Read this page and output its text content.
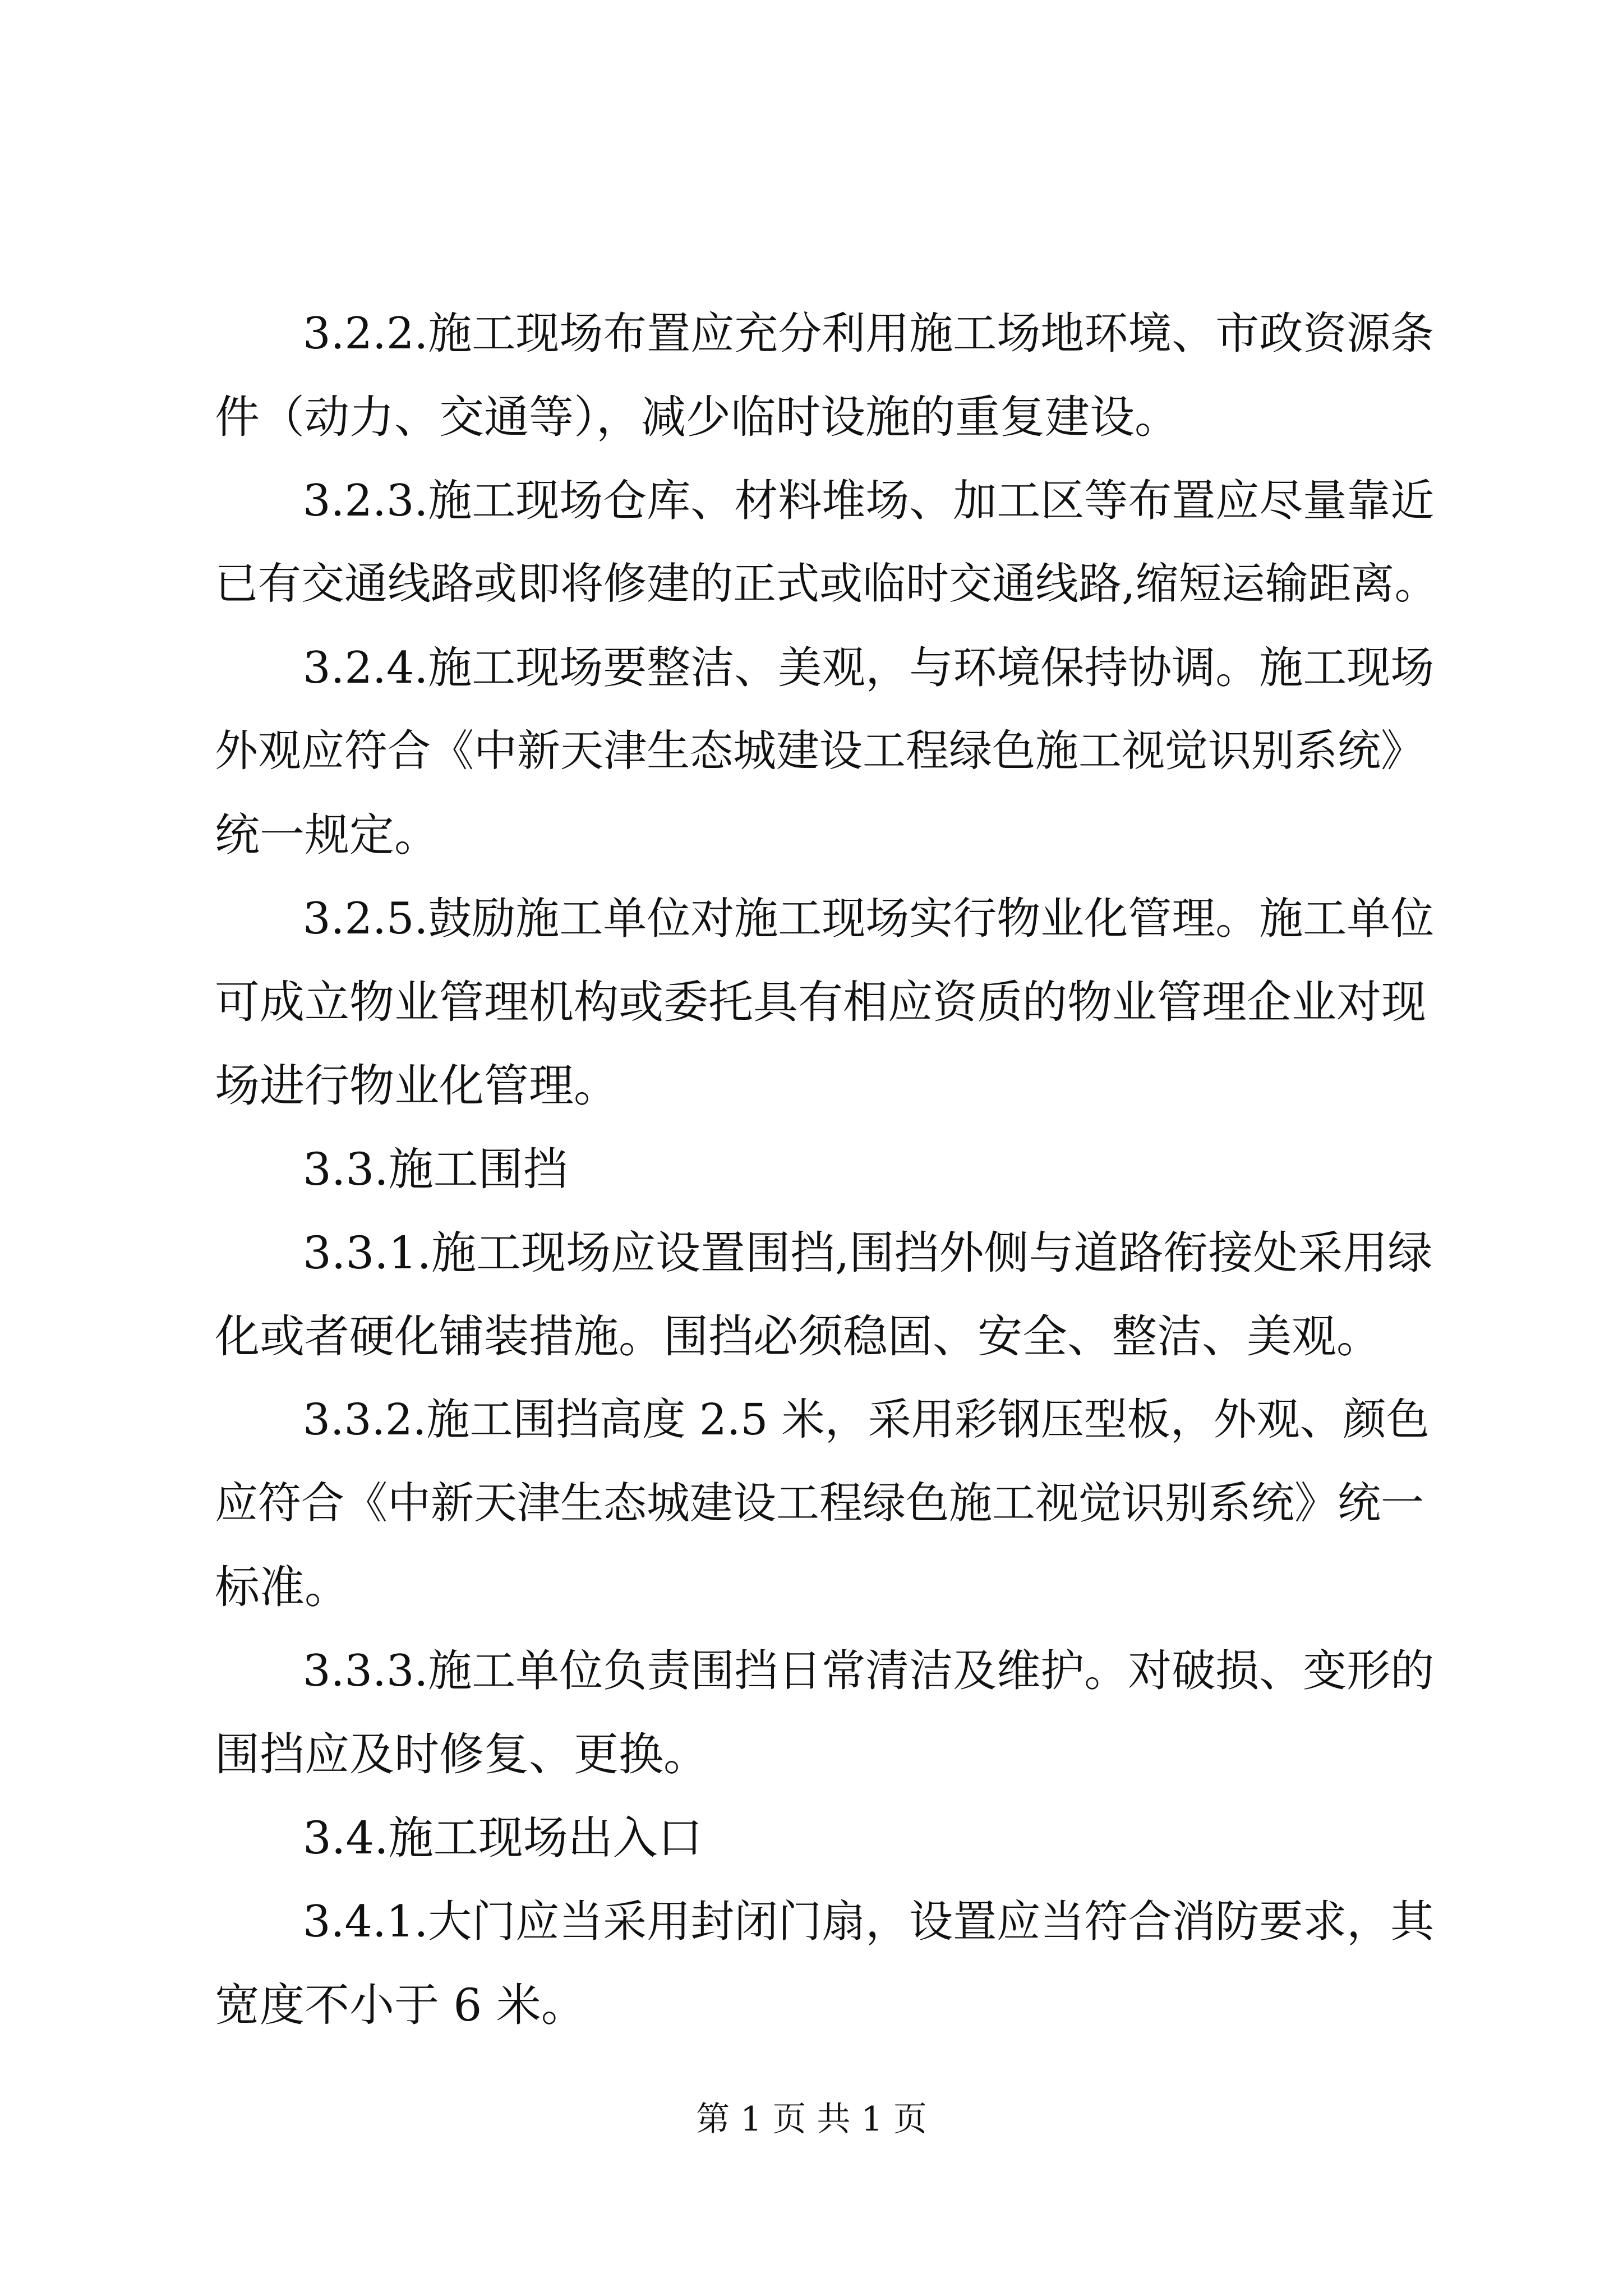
3.2.2.施工现场布置应充分利用施工场地环境、市政资源条
件（动力、交通等），减少临时设施的重复建设。
3.2.3.施工现场仓库、材料堆场、加工区等布置应尽量靠近
已有交通线路或即将修建的正式或临时交通线路,缩短运输距离。
3.2.4.施工现场要整洁、美观，与环境保持协调。施工现场
外观应符合《中新天津生态城建设工程绿色施工视觉识别系统》
统一规定。
3.2.5.鼓励施工单位对施工现场实行物业化管理。施工单位
可成立物业管理机构或委托具有相应资质的物业管理企业对现
场进行物业化管理。
3.3.施工围挡
3.3.1.施工现场应设置围挡,围挡外侧与道路衔接处采用绿
化或者硬化铺装措施。围挡必须稳固、安全、整洁、美观。
3.3.2.施工围挡高度 2.5 米，采用彩钢压型板，外观、颜色
应符合《中新天津生态城建设工程绿色施工视觉识别系统》统一
标准。
3.3.3.施工单位负责围挡日常清洁及维护。对破损、变形的
围挡应及时修复、更换。
3.4.施工现场出入口
3.4.1.大门应当采用封闭门扇，设置应当符合消防要求，其
宽度不小于 6 米。
第 1 页 共 1 页
